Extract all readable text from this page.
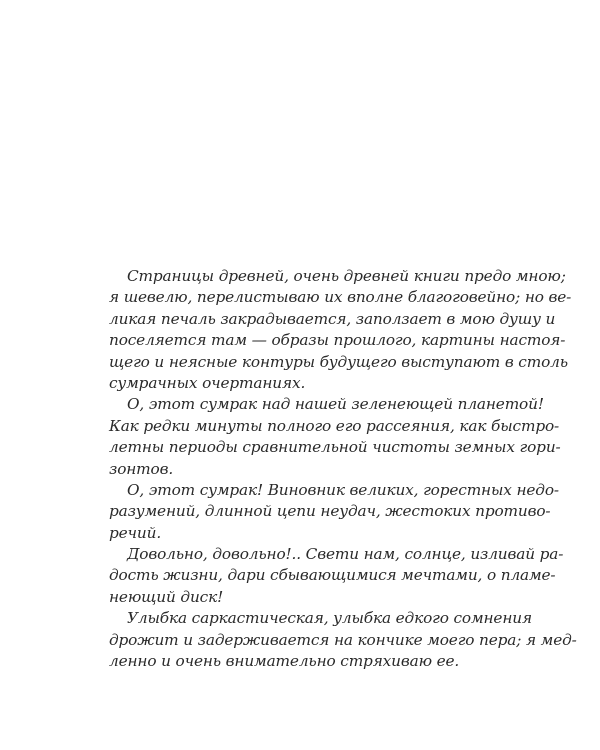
Страницы древней, очень древней книги предо мною;
я шевелю, перелистываю их вполне благоговейно; но ве-
ликая печаль закрадывается, заползает в мою душу и
поселяется там — образы прошлого, картины настоя-
щего и неясные контуры будущего выступают в столь
сумрачных очертаниях.
О, этот сумрак над нашей зеленеющей планетой!
Как редки минуты полного его рассеяния, как быстро-
летны периоды сравнительной чистоты земных гори-
зонтов.
О, этот сумрак! Виновник великих, горестных недо-
разумений, длинной цепи неудач, жестоких противо-
речий.
Довольно, довольно!.. Свети нам, солнце, изливай ра-
дость жизни, дари сбывающимися мечтами, о пламе-
неющий диск!
Улыбка саркастическая, улыбка едкого сомнения
дрожит и задерживается на кончике моего пера; я мед-
ленно и очень внимательно стряхиваю ее.
